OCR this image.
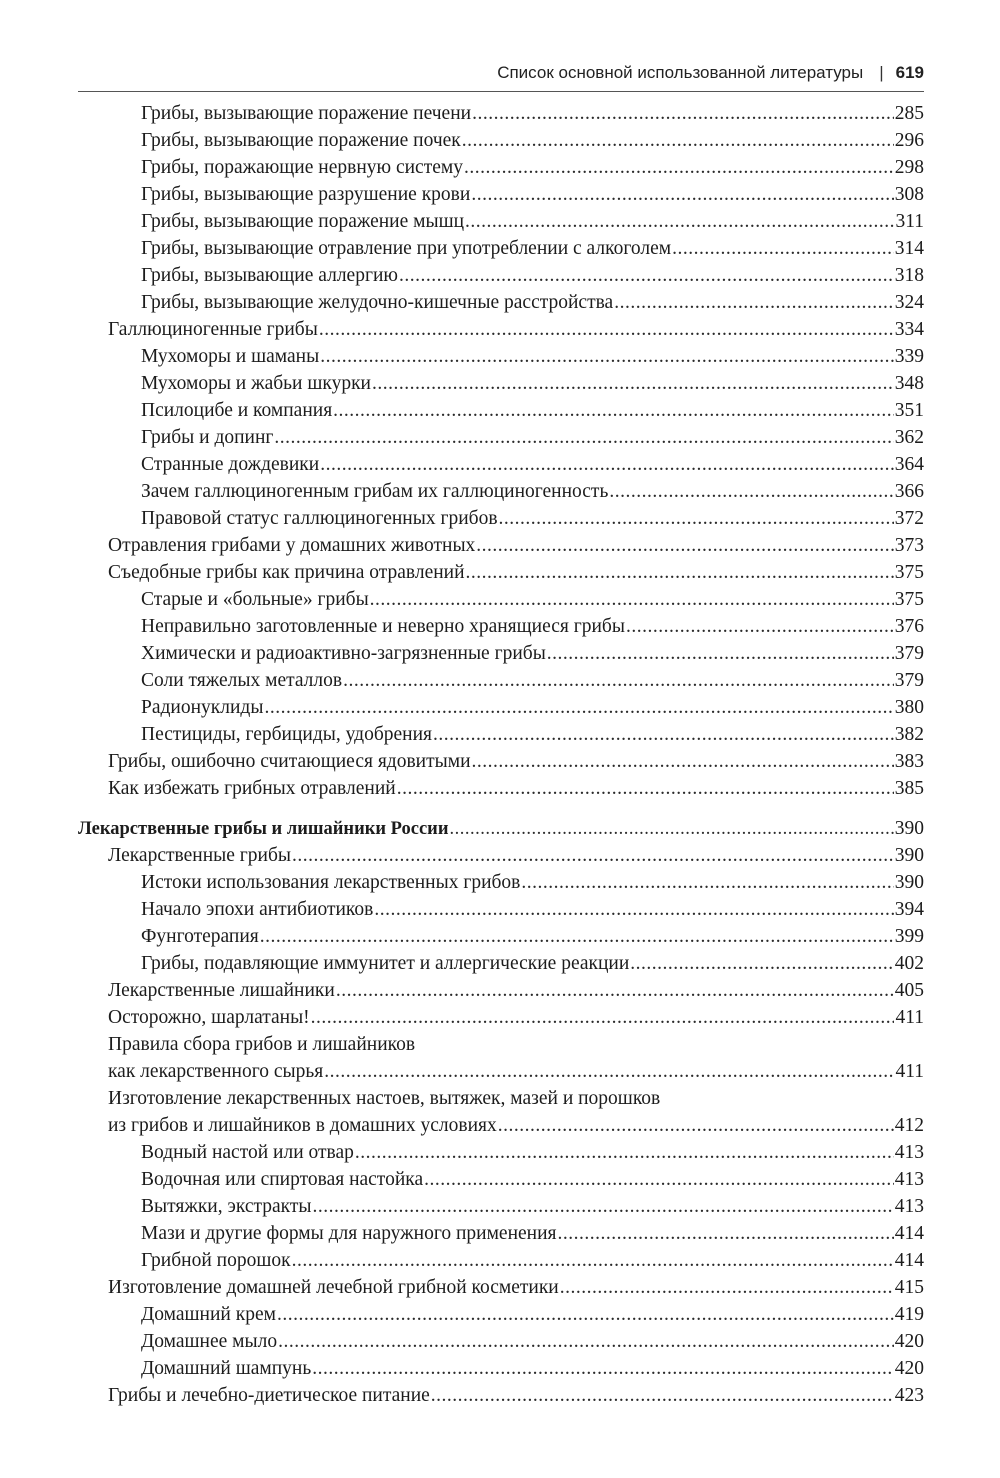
Список основной использованной литературы | 619
Грибы, вызывающие поражение печени .....	285
Грибы, вызывающие поражение почек .....	296
Грибы, поражающие нервную систему .....	298
Грибы, вызывающие разрушение крови .....	308
Грибы, вызывающие поражение мышц .....	311
Грибы, вызывающие отравление при употреблении с алкоголем .....	314
Грибы, вызывающие аллергию .....	318
Грибы, вызывающие желудочно-кишечные расстройства .....	324
Галлюциногенные грибы .....	334
Мухоморы и шаманы .....	339
Мухоморы и жабьи шкурки .....	348
Псилоцибе и компания .....	351
Грибы и допинг .....	362
Странные дождевики .....	364
Зачем галлюциногенным грибам их галлюциногенность .....	366
Правовой статус галлюциногенных грибов .....	372
Отравления грибами у домашних животных .....	373
Съедобные грибы как причина отравлений .....	375
Старые и «больные» грибы .....	375
Неправильно заготовленные и неверно хранящиеся грибы .....	376
Химически и радиоактивно-загрязненные грибы .....	379
Соли тяжелых металлов .....	379
Радионуклиды .....	380
Пестициды, гербициды, удобрения .....	382
Грибы, ошибочно считающиеся ядовитыми .....	383
Как избежать грибных отравлений .....	385
Лекарственные грибы и лишайники России .....	390
Лекарственные грибы .....	390
Истоки использования лекарственных грибов .....	390
Начало эпохи антибиотиков .....	394
Фунготерапия .....	399
Грибы, подавляющие иммунитет и аллергические реакции .....	402
Лекарственные лишайники .....	405
Осторожно, шарлатаны! .....	411
Правила сбора грибов и лишайников
как лекарственного сырья .....	411
Изготовление лекарственных настоев, вытяжек, мазей и порошков
из грибов и лишайников в домашних условиях .....	412
Водный настой или отвар .....	413
Водочная или спиртовая настойка .....	413
Вытяжки, экстракты .....	413
Мази и другие формы для наружного применения .....	414
Грибной порошок .....	414
Изготовление домашней лечебной грибной косметики .....	415
Домашний крем .....	419
Домашнее мыло .....	420
Домашний шампунь .....	420
Грибы и лечебно-диетическое питание .....	423
